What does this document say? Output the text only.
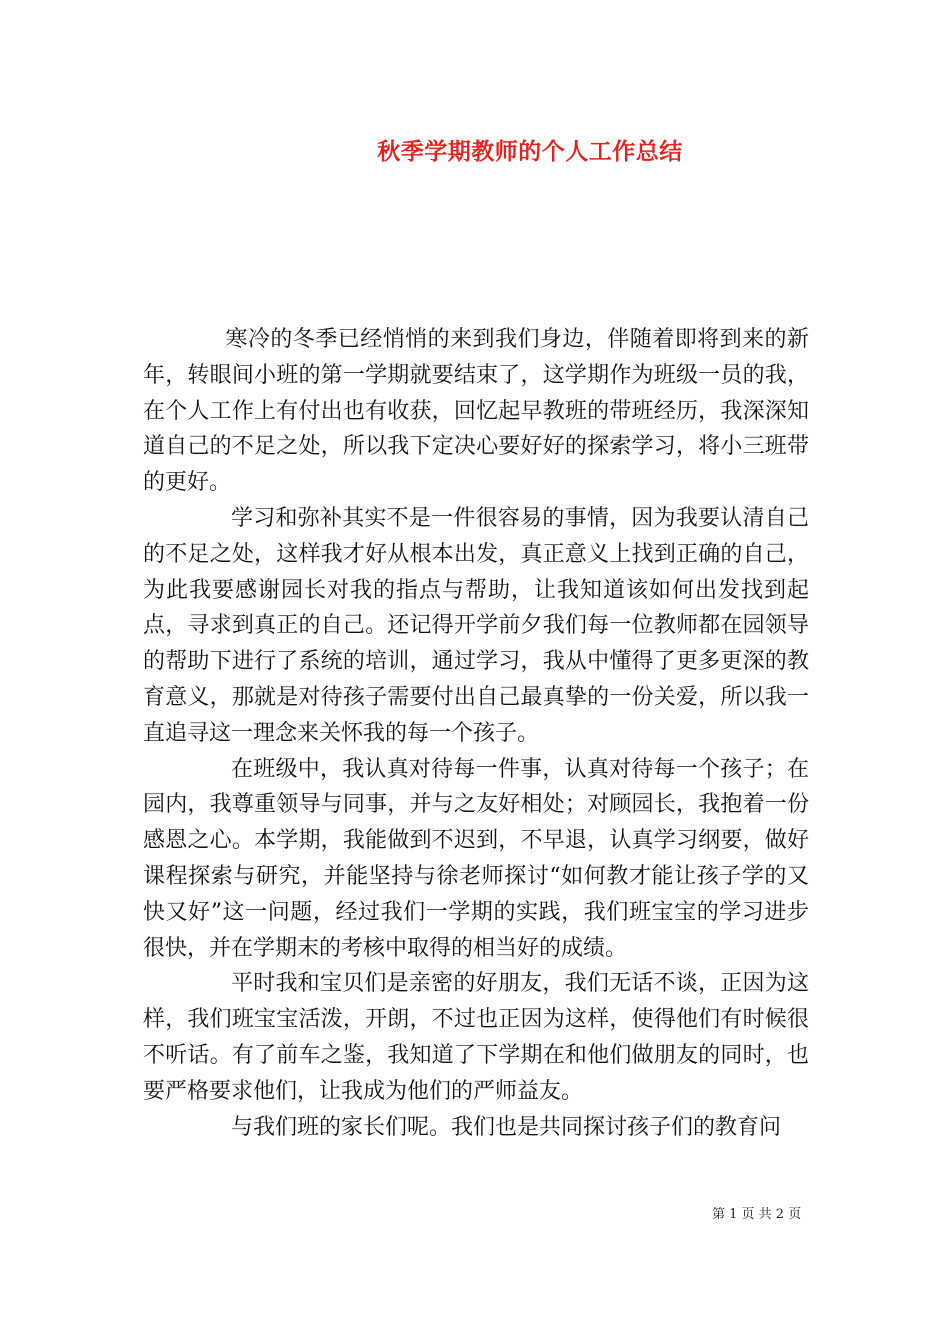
秋季学期教师的个人工作总结

寒冷的冬季已经悄悄的来到我们身边，伴随着即将到来的新年，转眼间小班的第一学期就要结束了，这学期作为班级一员的我，在个人工作上有付出也有收获，回忆起早教班的带班经历，我深深知道自己的不足之处，所以我下定决心要好好的探索学习，将小三班带的更好。

学习和弥补其实不是一件很容易的事情，因为我要认清自己的不足之处，这样我才好从根本出发，真正意义上找到正确的自己，为此我要感谢园长对我的指点与帮助，让我知道该如何出发找到起点，寻求到真正的自己。还记得开学前夕我们每一位教师都在园领导的帮助下进行了系统的培训，通过学习，我从中懂得了更多更深的教育意义，那就是对待孩子需要付出自己最真挚的一份关爱，所以我一直追寻这一理念来关怀我的每一个孩子。

在班级中，我认真对待每一件事，认真对待每一个孩子；在园内，我尊重领导与同事，并与之友好相处；对顾园长，我抱着一份感恩之心。本学期，我能做到不迟到，不早退，认真学习纲要，做好课程探索与研究，并能坚持与徐老师探讨“如何教才能让孩子学的又快又好”这一问题，经过我们一学期的实践，我们班宝宝的学习进步很快，并在学期末的考核中取得的相当好的成绩。

平时我和宝贝们是亲密的好朋友，我们无话不谈，正因为这样，我们班宝宝活泼，开朗，不过也正因为这样，使得他们有时候很不听话。有了前车之鉴，我知道了下学期在和他们做朋友的同时，也要严格要求他们，让我成为他们的严师益友。

与我们班的家长们呢。我们也是共同探讨孩子们的教育问

第 1 页 共 2 页
